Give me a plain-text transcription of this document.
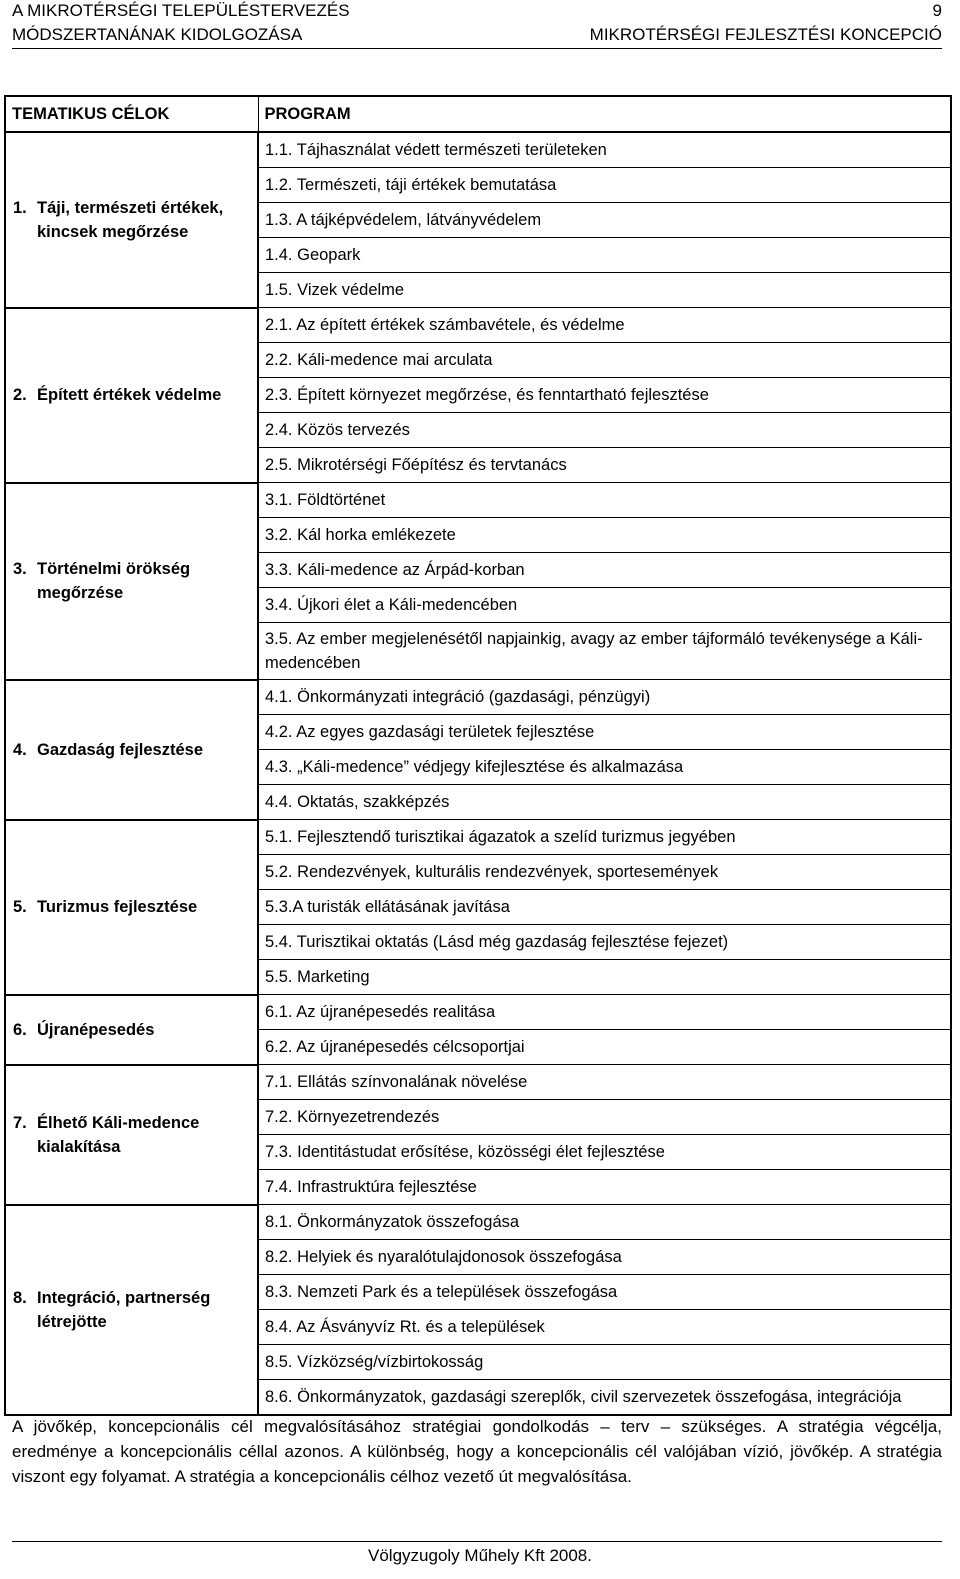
A MIKROTÉRSÉGI TELEPÜLÉSTERVEZÉS	9
MÓDSZERTANÁNAK KIDOLGOZÁSA	MIKROTÉRSÉGI FEJLESZTÉSI KONCEPCIÓ
TEMATIKUS CÉLOK	PROGRAM
1. Táji, természeti értékek, kincsek megőrzése	1.1. Tájhasználat védett természeti területeken
	1.2. Természeti, táji értékek bemutatása
	1.3. A tájképvédelem, látványvédelem
	1.4. Geopark
	1.5. Vizek védelme
2. Épített értékek védelme	2.1. Az épített értékek számbavétele, és védelme
	2.2. Káli-medence mai arculata
	2.3. Épített környezet megőrzése, és fenntartható fejlesztése
	2.4. Közös tervezés
	2.5. Mikrotérségi Főépítész és tervtanács
3. Történelmi örökség megőrzése	3.1. Földtörténet
	3.2. Kál horka emlékezete
	3.3. Káli-medence az Árpád-korban
	3.4. Újkori élet a Káli-medencében
	3.5. Az ember megjelenésétől napjainkig, avagy az ember tájformáló tevékenysége a Káli-medencében
4. Gazdaság fejlesztése	4.1. Önkormányzati integráció (gazdasági, pénzügyi)
	4.2. Az egyes gazdasági területek fejlesztése
	4.3. „Káli-medence” védjegy kifejlesztése és alkalmazása
	4.4. Oktatás, szakképzés
5. Turizmus fejlesztése	5.1. Fejlesztendő turisztikai ágazatok a szelíd turizmus jegyében
	5.2. Rendezvények, kulturális rendezvények, sportesemények
	5.3.A turisták ellátásának javítása
	5.4. Turisztikai oktatás (Lásd még gazdaság fejlesztése fejezet)
	5.5. Marketing
6. Újranépesedés	6.1. Az újranépesedés realitása
	6.2. Az újranépesedés célcsoportjai
7. Élhető Káli-medence kialakítása	7.1. Ellátás színvonalának növelése
	7.2. Környezetrendezés
	7.3. Identitástudat erősítése, közösségi élet fejlesztése
	7.4. Infrastruktúra fejlesztése
8. Integráció, partnerség létrejötte	8.1. Önkormányzatok összefogása
	8.2. Helyiek és nyaralótulajdonosok összefogása
	8.3. Nemzeti Park és a települések összefogása
	8.4. Az Ásványvíz Rt. és a települések
	8.5. Vízközség/vízbirtokosság
	8.6. Önkormányzatok, gazdasági szereplők, civil szervezetek összefogása, integrációja

A jövőkép, koncepcionális cél megvalósításához stratégiai gondolkodás – terv – szükséges. A stratégia végcélja, eredménye a koncepcionális céllal azonos. A különbség, hogy a koncepcionális cél valójában vízió, jövőkép. A stratégia viszont egy folyamat. A stratégia a koncepcionális célhoz vezető út megvalósítása.

Völgyzugoly Műhely Kft 2008.
